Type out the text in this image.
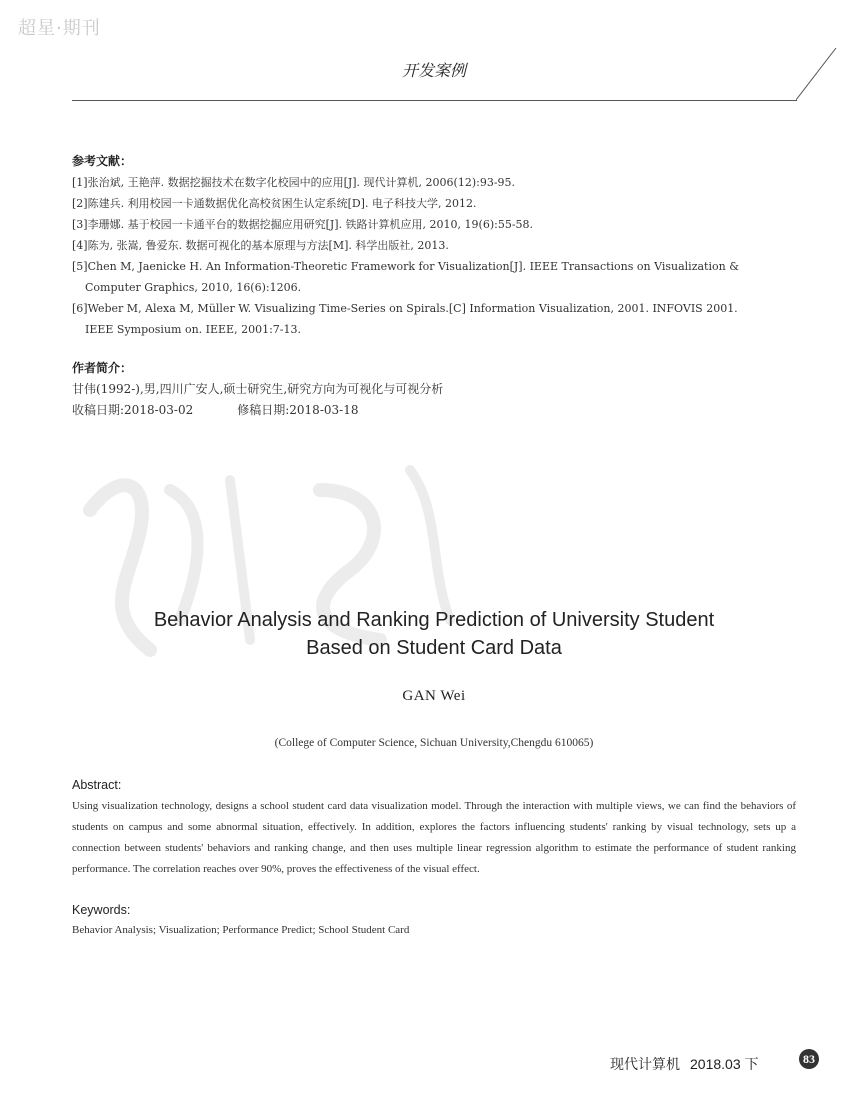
超星·期刊
开发案例
参考文献：
[1]张治斌, 王艳萍. 数据挖掘技术在数字化校园中的应用[J]. 现代计算机, 2006(12):93-95.
[2]陈建兵. 利用校园一卡通数据优化高校贫困生认定系统[D]. 电子科技大学, 2012.
[3]李珊娜. 基于校园一卡通平台的数据挖掘应用研究[J]. 铁路计算机应用, 2010, 19(6):55-58.
[4]陈为, 张嵩, 鲁爱东. 数据可视化的基本原理与方法[M]. 科学出版社, 2013.
[5]Chen M, Jaenicke H. An Information-Theoretic Framework for Visualization[J]. IEEE Transactions on Visualization &
Computer Graphics, 2010, 16(6):1206.
[6]Weber M, Alexa M, Müller W. Visualizing Time-Series on Spirals.[C] Information Visualization, 2001. INFOVIS 2001.
IEEE Symposium on. IEEE, 2001:7-13.
作者简介：
甘伟(1992-),男,四川广安人,硕士研究生,研究方向为可视化与可视分析
收稿日期:2018-03-02	修稿日期:2018-03-18
Behavior Analysis and Ranking Prediction of University Student
Based on Student Card Data
GAN Wei
(College of Computer Science, Sichuan University,Chengdu 610065)
Abstract:
Using visualization technology, designs a school student card data visualization model. Through the interaction with multiple views, we can find the behaviors of students on campus and some abnormal situation, effectively. In addition, explores the factors influencing students' ranking by visual technology, sets up a connection between students' behaviors and ranking change, and then uses multiple linear regression algorithm to estimate the performance of student ranking performance. The correlation reaches over 90%, proves the effectiveness of the visual effect.
Keywords:
Behavior Analysis; Visualization; Performance Predict; School Student Card
现代计算机 2018.03 下	83
